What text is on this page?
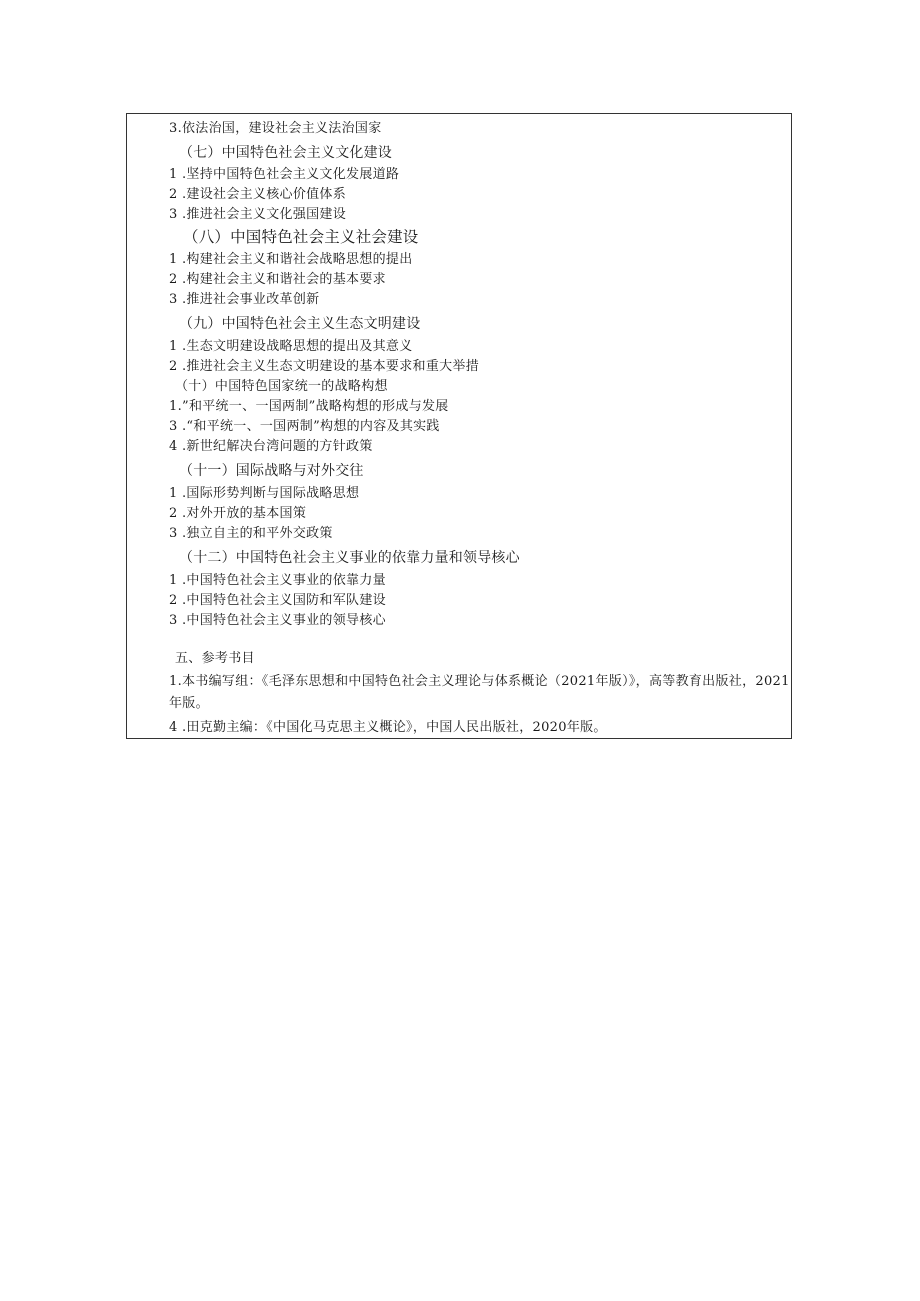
3.依法治国，建设社会主义法治国家
（七）中国特色社会主义文化建设
1 .坚持中国特色社会主义文化发展道路
2 .建设社会主义核心价值体系
3 .推进社会主义文化强国建设
（八）中国特色社会主义社会建设
1 .构建社会主义和谐社会战略思想的提出
2 .构建社会主义和谐社会的基本要求
3 .推进社会事业改革创新
（九）中国特色社会主义生态文明建设
1 .生态文明建设战略思想的提出及其意义
2 .推进社会主义生态文明建设的基本要求和重大举措
（十）中国特色国家统一的战略构想
1.”和平统一、一国两制”战略构想的形成与发展
3 .“和平统一、一国两制”构想的内容及其实践
4 .新世纪解决台湾问题的方针政策
（十一）国际战略与对外交往
1 .国际形势判断与国际战略思想
2 .对外开放的基本国策
3 .独立自主的和平外交政策
（十二）中国特色社会主义事业的依靠力量和领导核心
1 .中国特色社会主义事业的依靠力量
2 .中国特色社会主义国防和军队建设
3 .中国特色社会主义事业的领导核心
五、参考书目
1.本书编写组：《毛泽东思想和中国特色社会主义理论与体系概论（2021年版）》，高等教育出版社，2021年版。
4 .田克勤主编：《中国化马克思主义概论》，中国人民出版社，2020年版。
